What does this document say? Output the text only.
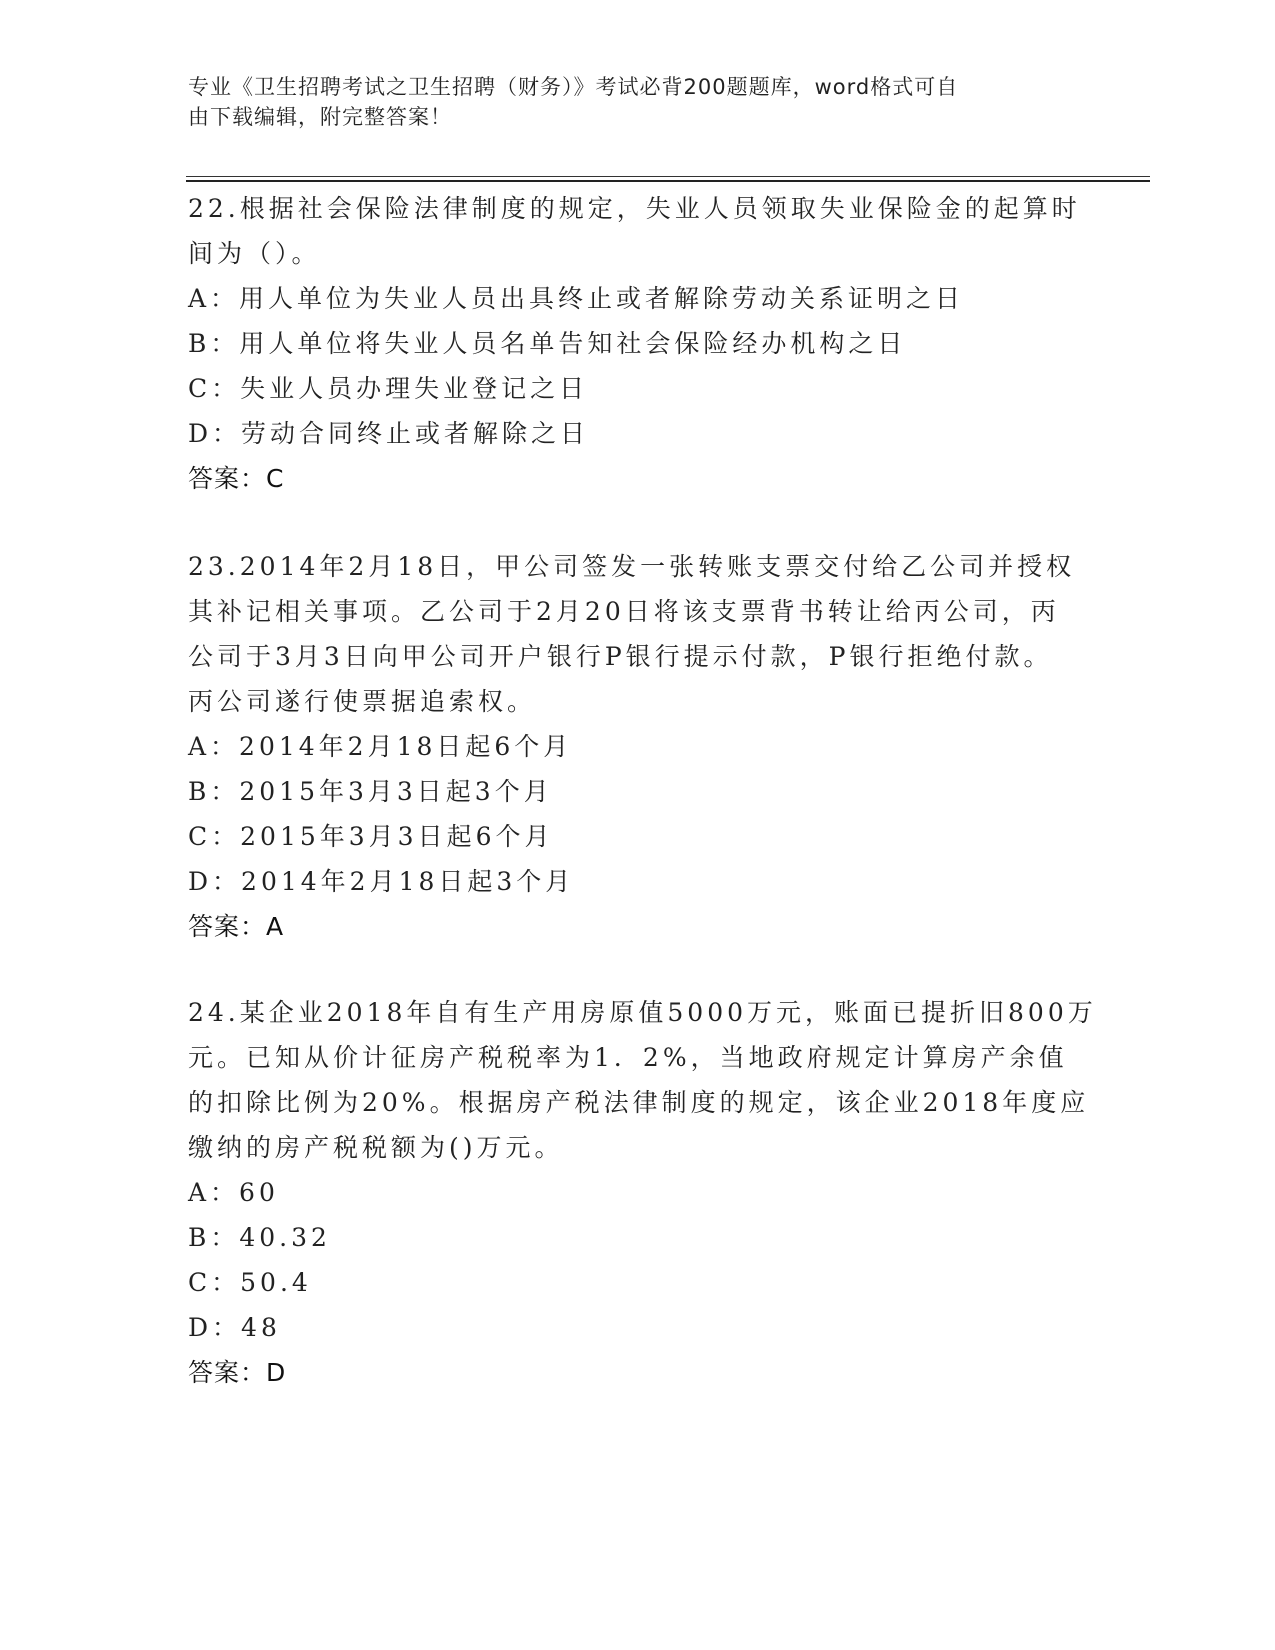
专业《卫生招聘考试之卫生招聘（财务）》考试必背200题题库，word格式可自
由下载编辑，附完整答案！
22.根据社会保险法律制度的规定，失业人员领取失业保险金的起算时
间为（）。
A：用人单位为失业人员出具终止或者解除劳动关系证明之日
B：用人单位将失业人员名单告知社会保险经办机构之日
C：失业人员办理失业登记之日
D：劳动合同终止或者解除之日
答案：C
23.2014年2月18日，甲公司签发一张转账支票交付给乙公司并授权
其补记相关事项。乙公司于2月20日将该支票背书转让给丙公司，丙
公司于3月3日向甲公司开户银行P银行提示付款，P银行拒绝付款。
丙公司遂行使票据追索权。
A：2014年2月18日起6个月
B：2015年3月3日起3个月
C：2015年3月3日起6个月
D：2014年2月18日起3个月
答案：A
24.某企业2018年自有生产用房原值5000万元，账面已提折旧800万
元。已知从价计征房产税税率为1．2%，当地政府规定计算房产余值
的扣除比例为20%。根据房产税法律制度的规定，该企业2018年度应
缴纳的房产税税额为()万元。
A：60
B：40.32
C：50.4
D：48
答案：D
